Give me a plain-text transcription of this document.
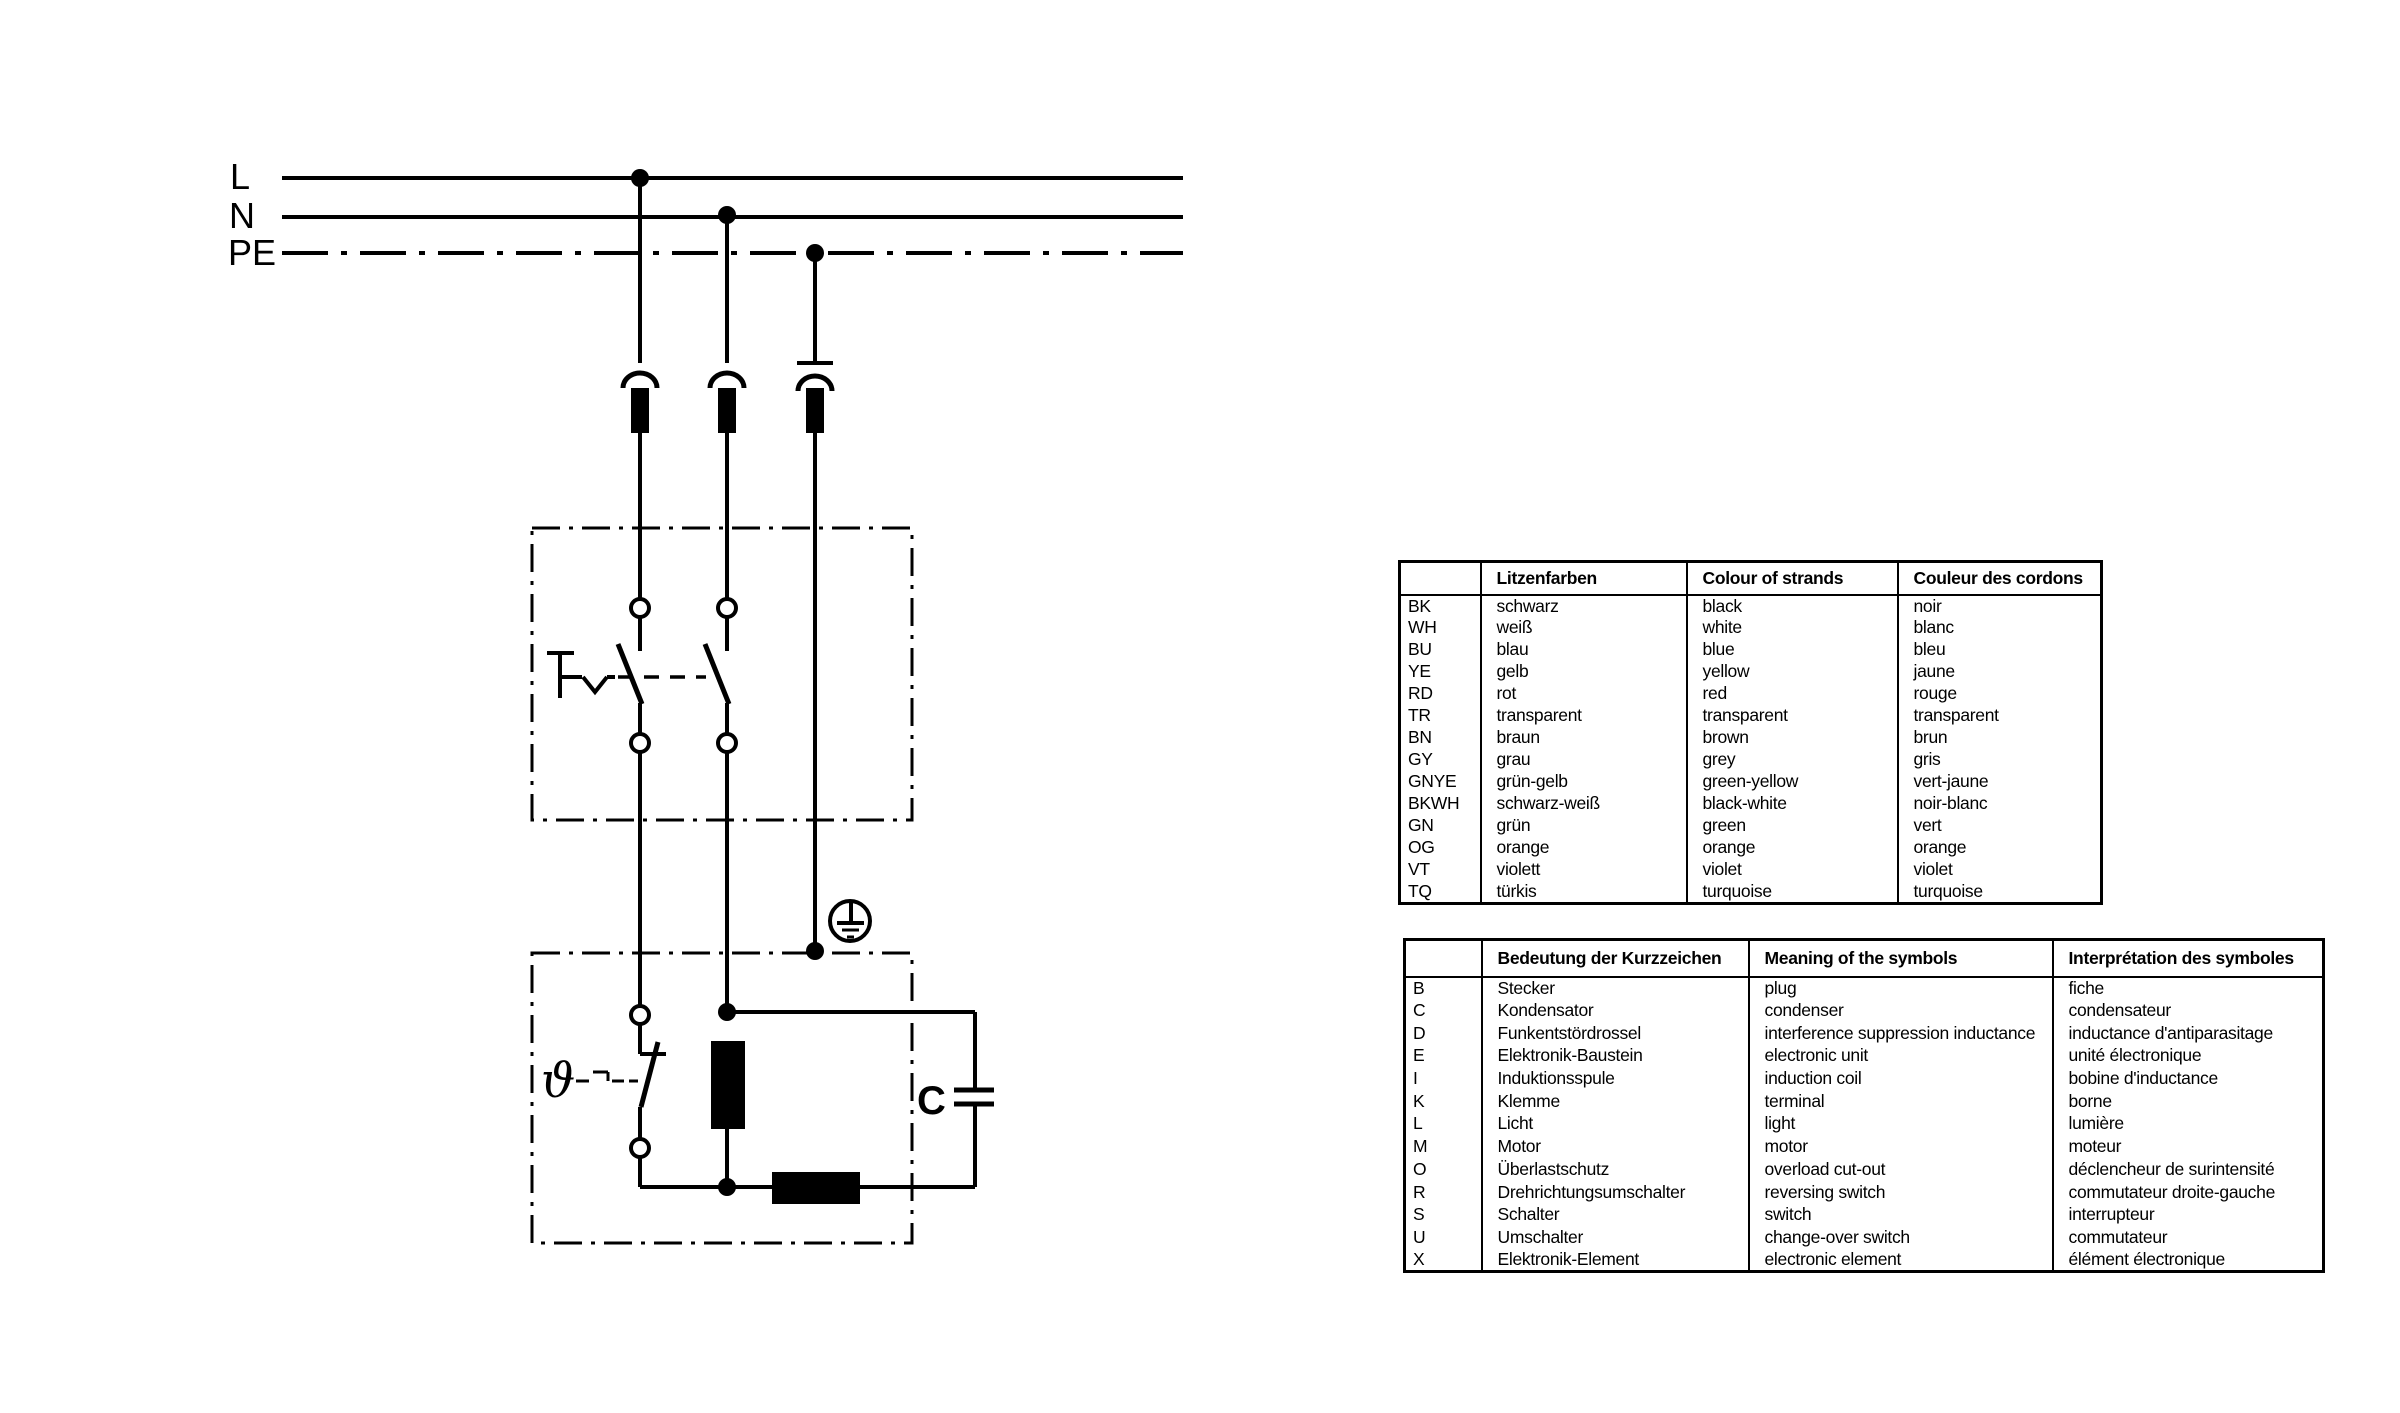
L
N
PE
ϑ	C
	Litzenfarben	Colour of strands	Couleur des cordons
BK	schwarz	black	noir
WH	weiß	white	blanc
BU	blau	blue	bleu
YE	gelb	yellow	jaune
RD	rot	red	rouge
TR	transparent	transparent	transparent
BN	braun	brown	brun
GY	grau	grey	gris
GNYE	grün-gelb	green-yellow	vert-jaune
BKWH	schwarz-weiß	black-white	noir-blanc
GN	grün	green	vert
OG	orange	orange	orange
VT	violett	violet	violet
TQ	türkis	turquoise	turquoise
	Bedeutung der Kurzzeichen	Meaning of the symbols	Interprétation des symboles
B	Stecker	plug	fiche
C	Kondensator	condenser	condensateur
D	Funkentstördrossel	interference suppression inductance	inductance d'antiparasitage
E	Elektronik-Baustein	electronic unit	unité électronique
I	Induktionsspule	induction coil	bobine d'inductance
K	Klemme	terminal	borne
L	Licht	light	lumière
M	Motor	motor	moteur
O	Überlastschutz	overload cut-out	déclencheur de surintensité
R	Drehrichtungsumschalter	reversing switch	commutateur droite-gauche
S	Schalter	switch	interrupteur
U	Umschalter	change-over switch	commutateur
X	Elektronik-Element	electronic element	élément électronique
